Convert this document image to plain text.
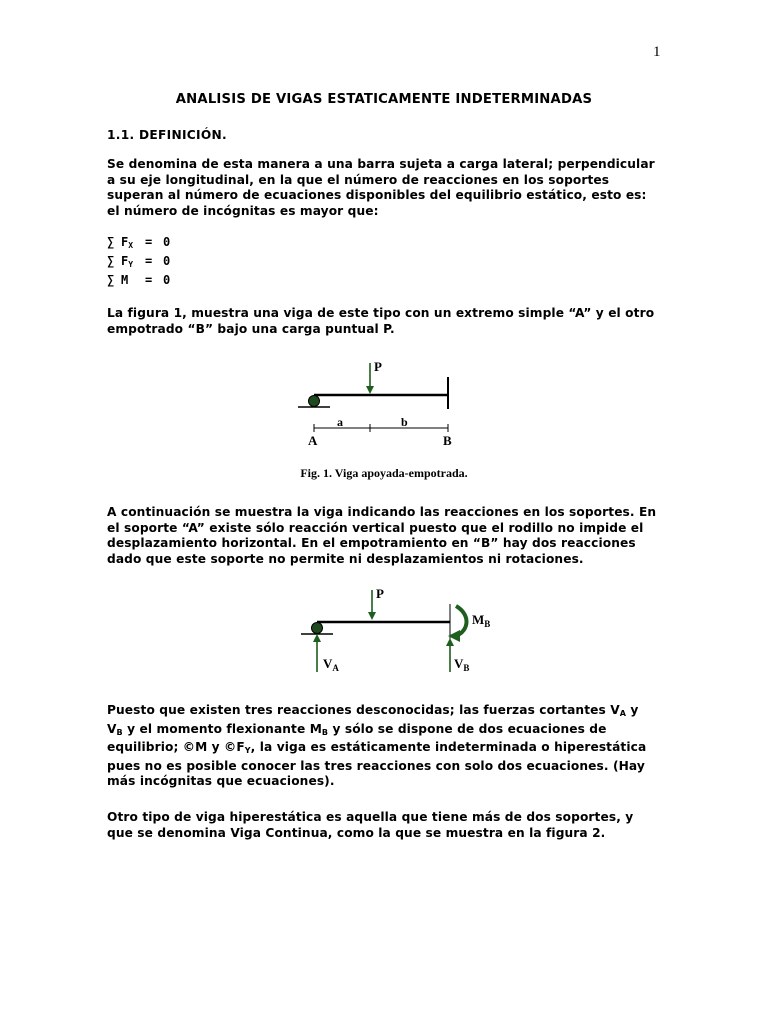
1
ANALISIS DE VIGAS ESTATICAMENTE INDETERMINADAS
1.1. DEFINICIÓN.
Se denomina de esta manera a una barra sujeta a carga lateral; perpendicular
a su eje longitudinal, en la que el número de reacciones en los soportes
superan al número de ecuaciones disponibles del equilibrio estático, esto es:
el número de incógnitas es mayor que:
∑ $F_X = 0$
∑ $F_Y = 0$
∑ M = 0
La figura 1, muestra una viga de este tipo con un extremo simple “A” y el otro
empotrado “B” bajo una carga puntual P.
P
a	b
A	B
Fig. 1. Viga apoyada-empotrada.
A continuación se muestra la viga indicando las reacciones en los soportes. En
el soporte “A” existe sólo reacción vertical puesto que el rodillo no impide el
desplazamiento horizontal. En el empotramiento en “B” hay dos reacciones
dado que este soporte no permite ni desplazamientos ni rotaciones.
P
$M_B$
$V_A$	$V_B$
Puesto que existen tres reacciones desconocidas; las fuerzas cortantes $V_A$ y
$V_B$ y el momento flexionante $M_B$ y sólo se dispone de dos ecuaciones de
equilibrio; ©M y $©F_Y$, la viga es estáticamente indeterminada o hiperestática
pues no es posible conocer las tres reacciones con solo dos ecuaciones. (Hay
más incógnitas que ecuaciones).
Otro tipo de viga hiperestática es aquella que tiene más de dos soportes, y
que se denomina Viga Continua, como la que se muestra en la figura 2.
